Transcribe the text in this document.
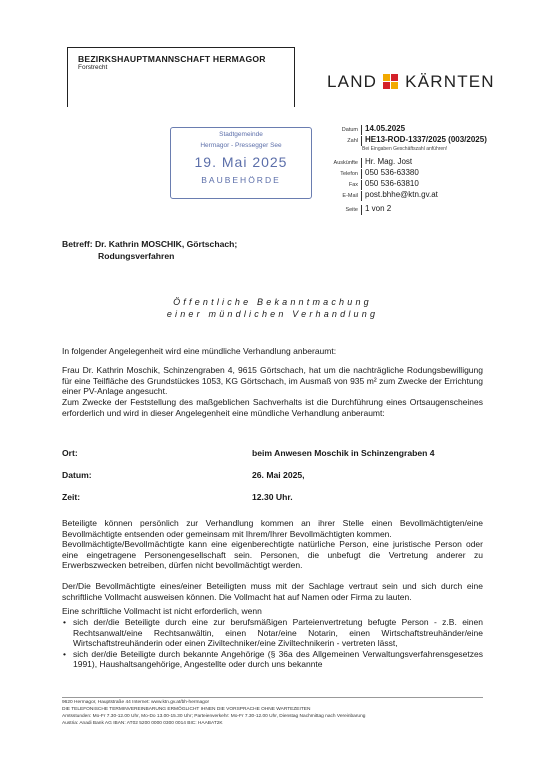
BEZIRKSHAUPTMANNSCHAFT HERMAGOR
Forstrecht
LAND KÄRNTEN
Stadtgemeinde
Hermagor - Pressegger See
19. Mai 2025
BAUBEHÖRDE
Datum 14.05.2025
Zahl HE13-ROD-1337/2025 (003/2025)
Bei Eingaben Geschäftszahl anführen!
Auskünfte Hr. Mag. Jost
Telefon 050 536-63380
Fax 050 536-63810
E-Mail post.bhhe@ktn.gv.at
Seite 1 von 2
Betreff: Dr. Kathrin MOSCHIK, Görtschach;
Rodungsverfahren
Öffentliche Bekanntmachung
einer mündlichen Verhandlung
In folgender Angelegenheit wird eine mündliche Verhandlung anberaumt:
Frau Dr. Kathrin Moschik, Schinzengraben 4, 9615 Görtschach, hat um die nachträgliche Rodungsbewilligung für eine Teilfläche des Grundstückes 1053, KG Görtschach, im Ausmaß von 935 m² zum Zwecke der Errichtung einer PV-Anlage angesucht.
Zum Zwecke der Feststellung des maßgeblichen Sachverhalts ist die Durchführung eines Ortsaugenscheines erforderlich und wird in dieser Angelegenheit eine mündliche Verhandlung anberaumt:
Ort:	beim Anwesen Moschik in Schinzengraben 4
Datum:	26. Mai 2025,
Zeit:	12.30 Uhr.
Beteiligte können persönlich zur Verhandlung kommen an ihrer Stelle einen Bevollmächtigten/eine Bevollmächtigte entsenden oder gemeinsam mit Ihrem/Ihrer Bevollmächtigten kommen.
Bevollmächtigte/Bevollmächtigte kann eine eigenberechtigte natürliche Person, eine juristische Person oder eine eingetragene Personengesellschaft sein. Personen, die unbefugt die Vertretung anderer zu Erwerbszwecken betreiben, dürfen nicht bevollmächtigt werden.
Der/Die Bevollmächtigte eines/einer Beteiligten muss mit der Sachlage vertraut sein und sich durch eine schriftliche Vollmacht ausweisen können. Die Vollmacht hat auf Namen oder Firma zu lauten.
Eine schriftliche Vollmacht ist nicht erforderlich, wenn
• sich der/die Beteiligte durch eine zur berufsmäßigen Parteienvertretung befugte Person - z.B. einen Rechtsanwalt/eine Rechtsanwältin, einen Notar/eine Notarin, einen Wirtschaftstreuhänder/eine Wirtschaftstreuhänderin oder einen Ziviltechniker/eine Ziviltechnikerin - vertreten lässt,
• sich der/die Beteiligte durch bekannte Angehörige (§ 36a des Allgemeinen Verwaltungsverfahrensgesetzes 1991), Haushaltsangehörige, Angestellte oder durch uns bekannte
9620 Hermagor, Hauptstraße 44 Internet: www.ktn.gv.at/bh-hermagor
DIE TELEFONISCHE TERMINVEREINBARUNG ERMÖGLICHT IHNEN DIE VORSPRACHE OHNE WARTEZEITEN
Amtsstunden: Mo-Fr 7.30-12.00 Uhr, Mo-Do 13.00-15.30 Uhr; Parteienverkehr: Mo-Fr 7.30-12.00 Uhr, Dienstag Nachmittag nach Vereinbarung
Austria: Anadi Bank AG IBAN: AT02 5200 0000 0300 0014 BIC: HAABAT2K
